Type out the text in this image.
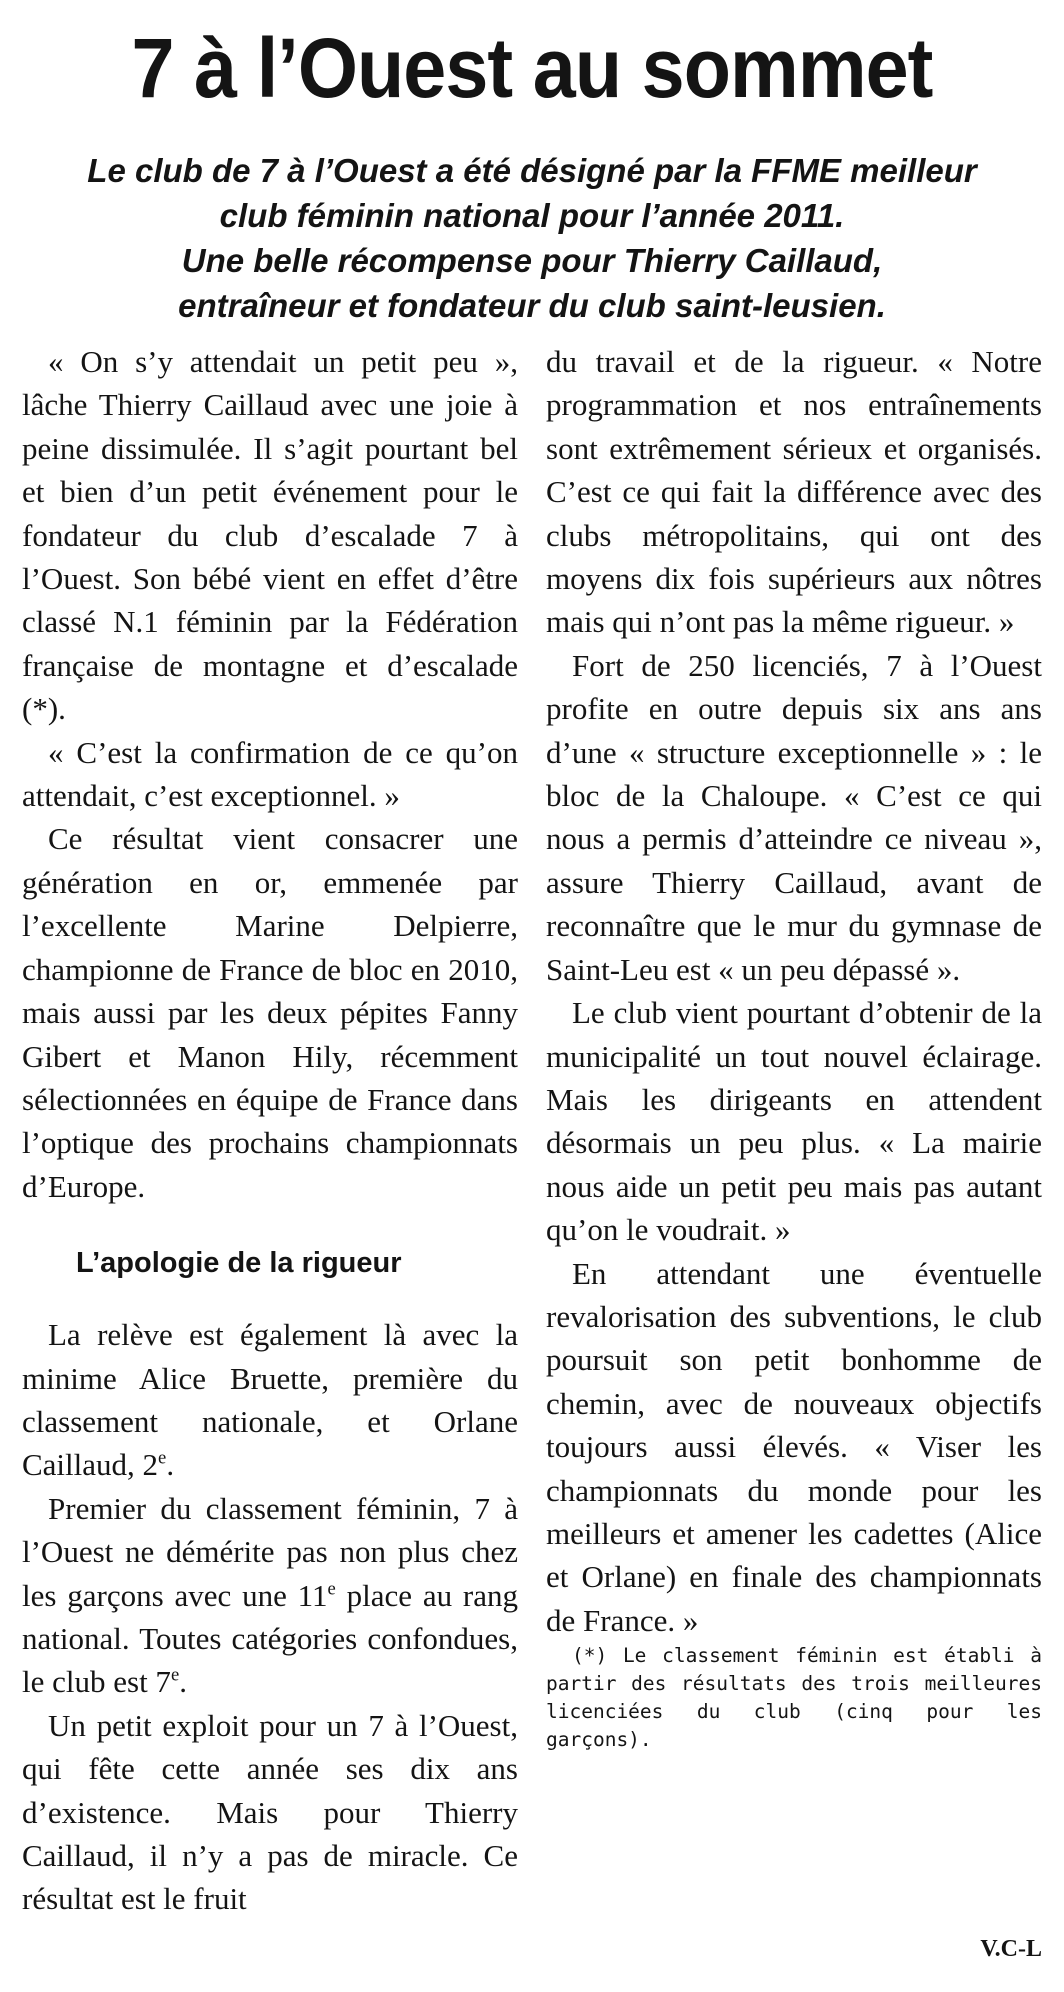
7 à l’Ouest au sommet
Le club de 7 à l’Ouest a été désigné par la FFME meilleur
club féminin national pour l’année 2011.
Une belle récompense pour Thierry Caillaud,
entraîneur et fondateur du club saint-leusien.

« On s’y attendait un petit peu », lâche Thierry Caillaud avec une joie à peine dissimulée. Il s’agit pourtant bel et bien d’un petit événement pour le fondateur du club d’escalade 7 à l’Ouest. Son bébé vient en effet d’être classé N.1 féminin par la Fédération française de montagne et d’escalade (*).

« C’est la confirmation de ce qu’on attendait, c’est exceptionnel. »

Ce résultat vient consacrer une génération en or, emmenée par l’excellente Marine Delpierre, championne de France de bloc en 2010, mais aussi par les deux pépites Fanny Gibert et Manon Hily, récemment sélectionnées en équipe de France dans l’optique des prochains championnats d’Europe.

L’apologie de la rigueur

La relève est également là avec la minime Alice Bruette, première du classement nationale, et Orlane Caillaud, 2e.

Premier du classement féminin, 7 à l’Ouest ne démérite pas non plus chez les garçons avec une 11e place au rang national. Toutes catégories confondues, le club est 7e.

Un petit exploit pour un 7 à l’Ouest, qui fête cette année ses dix ans d’existence. Mais pour Thierry Caillaud, il n’y a pas de miracle. Ce résultat est le fruit

du travail et de la rigueur. « Notre programmation et nos entraînements sont extrêmement sérieux et organisés. C’est ce qui fait la différence avec des clubs métropolitains, qui ont des moyens dix fois supérieurs aux nôtres mais qui n’ont pas la même rigueur. »

Fort de 250 licenciés, 7 à l’Ouest profite en outre depuis six ans ans d’une « structure exceptionnelle » : le bloc de la Chaloupe. « C’est ce qui nous a permis d’atteindre ce niveau », assure Thierry Caillaud, avant de reconnaître que le mur du gymnase de Saint-Leu est « un peu dépassé ».

Le club vient pourtant d’obtenir de la municipalité un tout nouvel éclairage. Mais les dirigeants en attendent désormais un peu plus. « La mairie nous aide un petit peu mais pas autant qu’on le voudrait. »

En attendant une éventuelle revalorisation des subventions, le club poursuit son petit bonhomme de chemin, avec de nouveaux objectifs toujours aussi élevés. « Viser les championnats du monde pour les meilleurs et amener les cadettes (Alice et Orlane) en finale des championnats de France. »

(*) Le classement féminin est établi à partir des résultats des trois meilleures licenciées du club (cinq pour les garçons).

V.C-L
